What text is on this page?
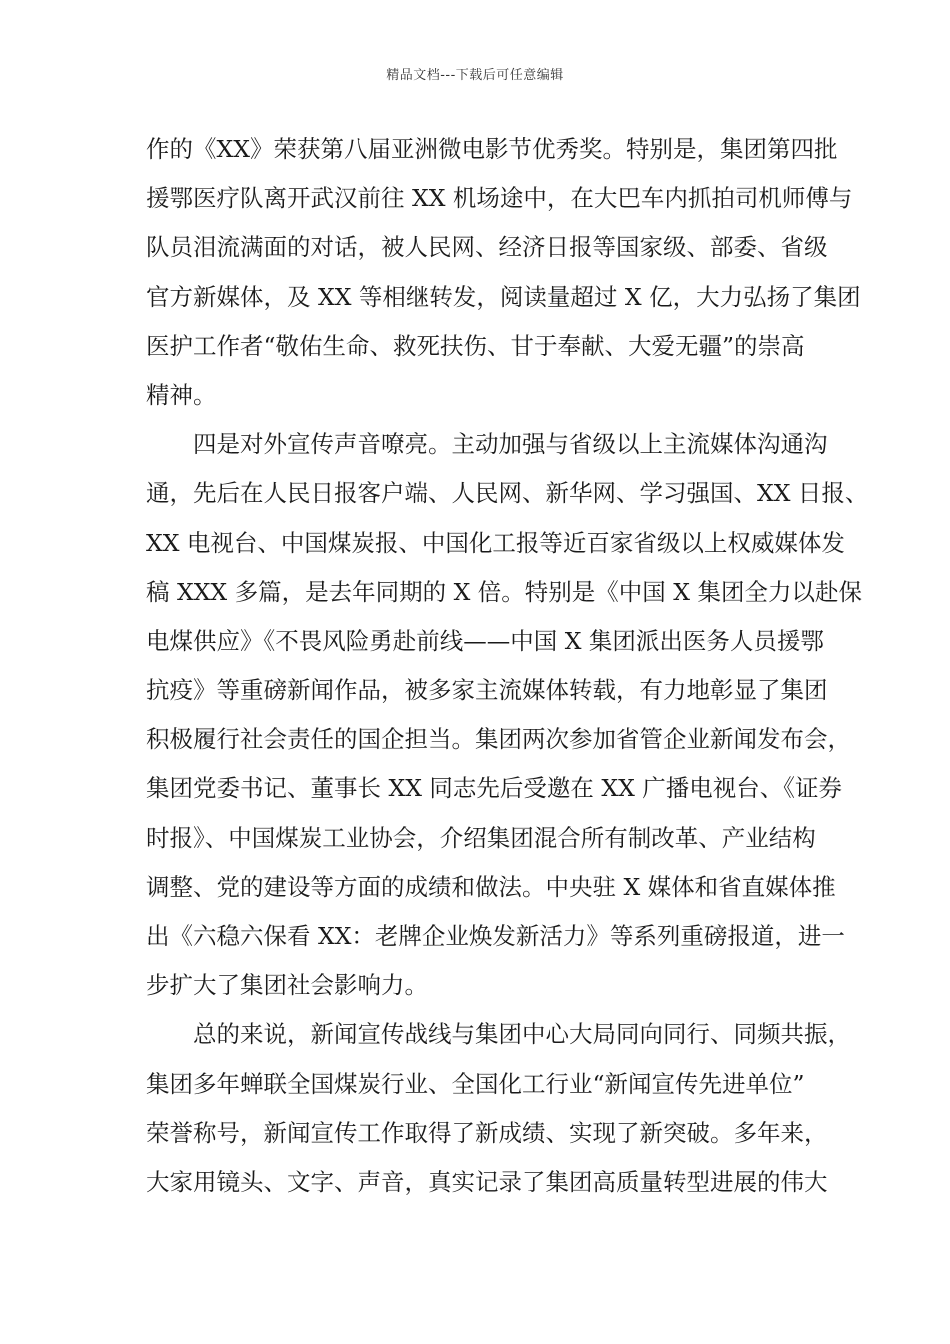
精品文档---下载后可任意编辑
作的《XX》荣获第八届亚洲微电影节优秀奖。特别是，集团第四批
援鄂医疗队离开武汉前往 XX 机场途中，在大巴车内抓拍司机师傅与
队员泪流满面的对话，被人民网、经济日报等国家级、部委、省级
官方新媒体，及 XX 等相继转发，阅读量超过 X 亿，大力弘扬了集团
医护工作者“敬佑生命、救死扶伤、甘于奉献、大爱无疆”的崇高
精神。
四是对外宣传声音嘹亮。主动加强与省级以上主流媒体沟通沟
通，先后在人民日报客户端、人民网、新华网、学习强国、XX 日报、
XX 电视台、中国煤炭报、中国化工报等近百家省级以上权威媒体发
稿 XXX 多篇，是去年同期的 X 倍。特别是《中国 X 集团全力以赴保
电煤供应》《不畏风险勇赴前线——中国 X 集团派出医务人员援鄂
抗疫》等重磅新闻作品，被多家主流媒体转载，有力地彰显了集团
积极履行社会责任的国企担当。集团两次参加省管企业新闻发布会，
集团党委书记、董事长 XX 同志先后受邀在 XX 广播电视台、《证券
时报》、中国煤炭工业协会，介绍集团混合所有制改革、产业结构
调整、党的建设等方面的成绩和做法。中央驻 X 媒体和省直媒体推
出《六稳六保看 XX：老牌企业焕发新活力》等系列重磅报道，进一
步扩大了集团社会影响力。
总的来说，新闻宣传战线与集团中心大局同向同行、同频共振，
集团多年蝉联全国煤炭行业、全国化工行业“新闻宣传先进单位”
荣誉称号，新闻宣传工作取得了新成绩、实现了新突破。多年来，
大家用镜头、文字、声音，真实记录了集团高质量转型进展的伟大
